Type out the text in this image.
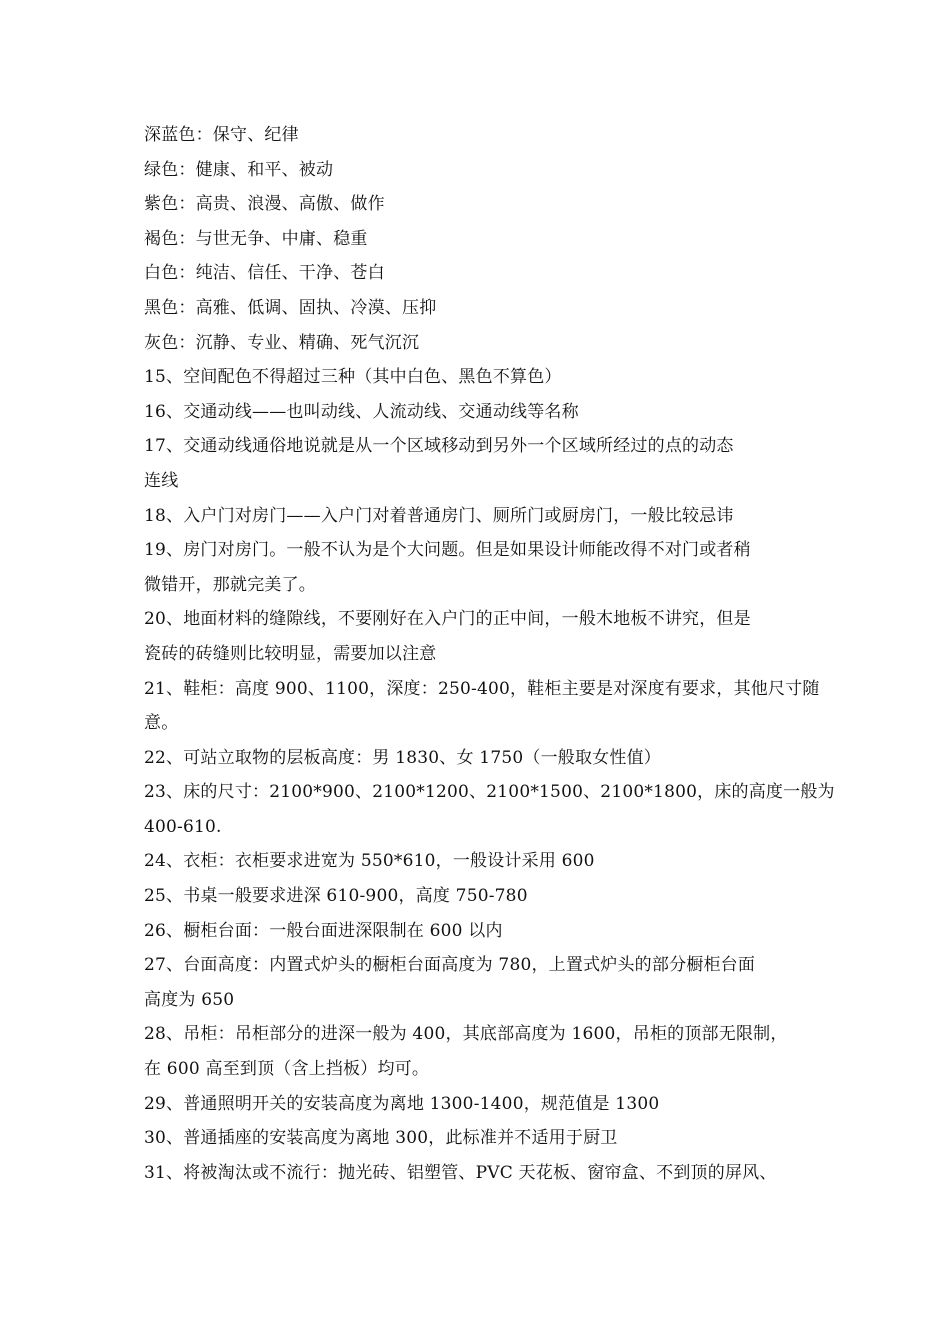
深蓝色：保守、纪律
绿色：健康、和平、被动
紫色：高贵、浪漫、高傲、做作
褐色：与世无争、中庸、稳重
白色：纯洁、信任、干净、苍白
黑色：高雅、低调、固执、冷漠、压抑
灰色：沉静、专业、精确、死气沉沉
15、空间配色不得超过三种（其中白色、黑色不算色）
16、交通动线——也叫动线、人流动线、交通动线等名称
17、交通动线通俗地说就是从一个区域移动到另外一个区域所经过的点的动态
连线
18、入户门对房门——入户门对着普通房门、厕所门或厨房门，一般比较忌讳
19、房门对房门。一般不认为是个大问题。但是如果设计师能改得不对门或者稍
微错开，那就完美了。
20、地面材料的缝隙线，不要刚好在入户门的正中间，一般木地板不讲究，但是
瓷砖的砖缝则比较明显，需要加以注意
21、鞋柜：高度 900、1100，深度：250-400，鞋柜主要是对深度有要求，其他尺寸随
意。
22、可站立取物的层板高度：男 1830、女 1750（一般取女性值）
23、床的尺寸：2100*900、2100*1200、2100*1500、2100*1800，床的高度一般为
400-610.
24、衣柜：衣柜要求进宽为 550*610，一般设计采用 600
25、书桌一般要求进深 610-900，高度 750-780
26、橱柜台面：一般台面进深限制在 600 以内
27、台面高度：内置式炉头的橱柜台面高度为 780，上置式炉头的部分橱柜台面
高度为 650
28、吊柜：吊柜部分的进深一般为 400，其底部高度为 1600，吊柜的顶部无限制，
在 600 高至到顶（含上挡板）均可。
29、普通照明开关的安装高度为离地 1300-1400，规范值是 1300
30、普通插座的安装高度为离地 300，此标准并不适用于厨卫
31、将被淘汰或不流行：抛光砖、铝塑管、PVC 天花板、窗帘盒、不到顶的屏风、
